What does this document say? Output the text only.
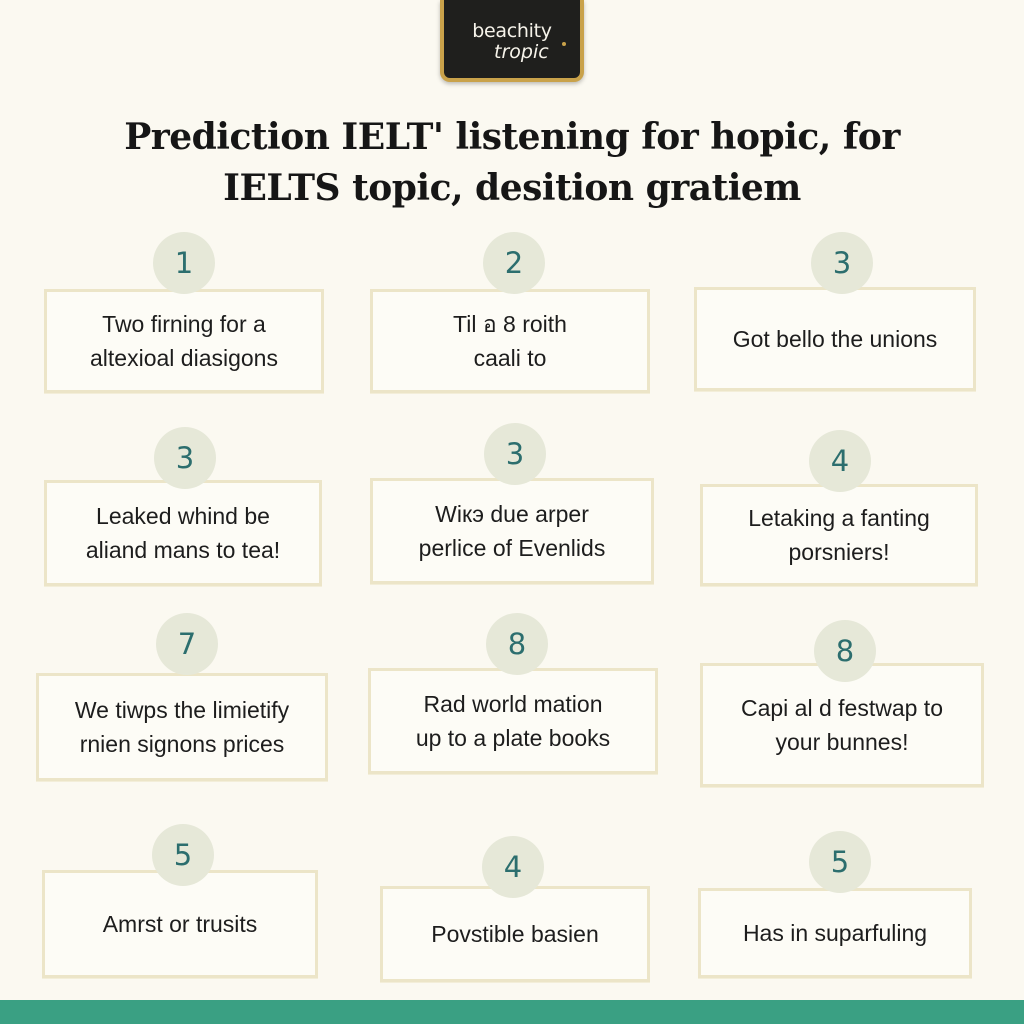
beachity
tropic
Prediction IELT' listening for hopic, for
IELTS topic, desition gratiem
Two firning for a
altexioal diasigons
1
Til อ 8 roith
caali to
2
Got bello the unions
3
Leaked whind be
aliand mans to tea!
3
Wiкэ due arper
perlice of Evenlids
3
Letaking a fanting
porsniers!
4
We tiwps the limietify
rnien signons prices
7
Rad world mation
up to a plate books
8
Capi al d festwap to
your bunnes!
8
Amrst or trusits
5
Povstible basien
4
Has in suparfuling
5
